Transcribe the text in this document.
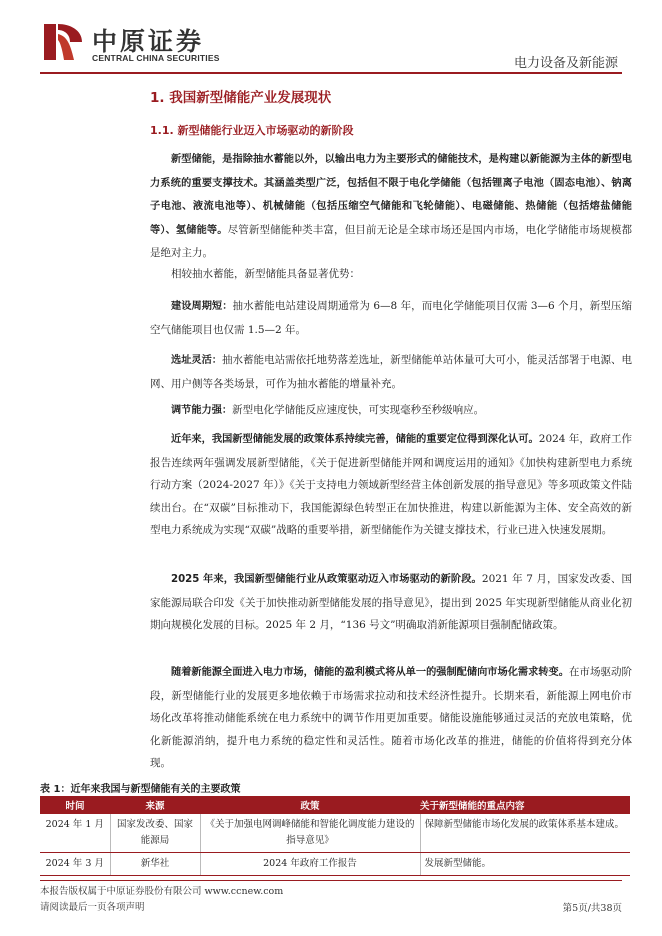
中原证券
CENTRAL CHINA SECURITIES	电力设备及新能源
1. 我国新型储能产业发展现状
1.1. 新型储能行业迈入市场驱动的新阶段
新型储能，是指除抽水蓄能以外，以输出电力为主要形式的储能技术，是构建以新能源为主体的新型电力系统的重要支撑技术。其涵盖类型广泛，包括但不限于电化学储能（包括锂离子电池（固态电池）、钠离子电池、液流电池等）、机械储能（包括压缩空气储能和飞轮储能）、电磁储能、热储能（包括熔盐储能等）、氢储能等。尽管新型储能种类丰富，但目前无论是全球市场还是国内市场，电化学储能市场规模都是绝对主力。
相较抽水蓄能，新型储能具备显著优势：
建设周期短：抽水蓄能电站建设周期通常为 6—8 年，而电化学储能项目仅需 3—6 个月，新型压缩空气储能项目也仅需 1.5—2 年。
选址灵活：抽水蓄能电站需依托地势落差选址，新型储能单站体量可大可小，能灵活部署于电源、电网、用户侧等各类场景，可作为抽水蓄能的增量补充。
调节能力强：新型电化学储能反应速度快，可实现毫秒至秒级响应。
近年来，我国新型储能发展的政策体系持续完善，储能的重要定位得到深化认可。2024 年，政府工作报告连续两年强调发展新型储能，《关于促进新型储能并网和调度运用的通知》《加快构建新型电力系统行动方案（2024-2027 年）》《关于支持电力领域新型经营主体创新发展的指导意见》等多项政策文件陆续出台。在“双碳”目标推动下，我国能源绿色转型正在加快推进，构建以新能源为主体、安全高效的新型电力系统成为实现“双碳”战略的重要举措，新型储能作为关键支撑技术，行业已进入快速发展期。
2025 年来，我国新型储能行业从政策驱动迈入市场驱动的新阶段。2021 年 7 月，国家发改委、国家能源局联合印发《关于加快推动新型储能发展的指导意见》，提出到 2025 年实现新型储能从商业化初期向规模化发展的目标。2025 年 2 月，“136 号文”明确取消新能源项目强制配储政策。
随着新能源全面进入电力市场，储能的盈利模式将从单一的强制配储向市场化需求转变。在市场驱动阶段，新型储能行业的发展更多地依赖于市场需求拉动和技术经济性提升。长期来看，新能源上网电价市场化改革将推动储能系统在电力系统中的调节作用更加重要。储能设施能够通过灵活的充放电策略，优化新能源消纳，提升电力系统的稳定性和灵活性。随着市场化改革的推进，储能的价值将得到充分体现。
表 1：近年来我国与新型储能有关的主要政策
时间	来源	政策	关于新型储能的重点内容
2024 年 1 月	国家发改委、国家能源局	《关于加强电网调峰储能和智能化调度能力建设的指导意见》	保障新型储能市场化发展的政策体系基本建成。
2024 年 3 月	新华社	2024 年政府工作报告	发展新型储能。
本报告版权属于中原证券股份有限公司 www.ccnew.com
请阅读最后一页各项声明	第5页/共38页
